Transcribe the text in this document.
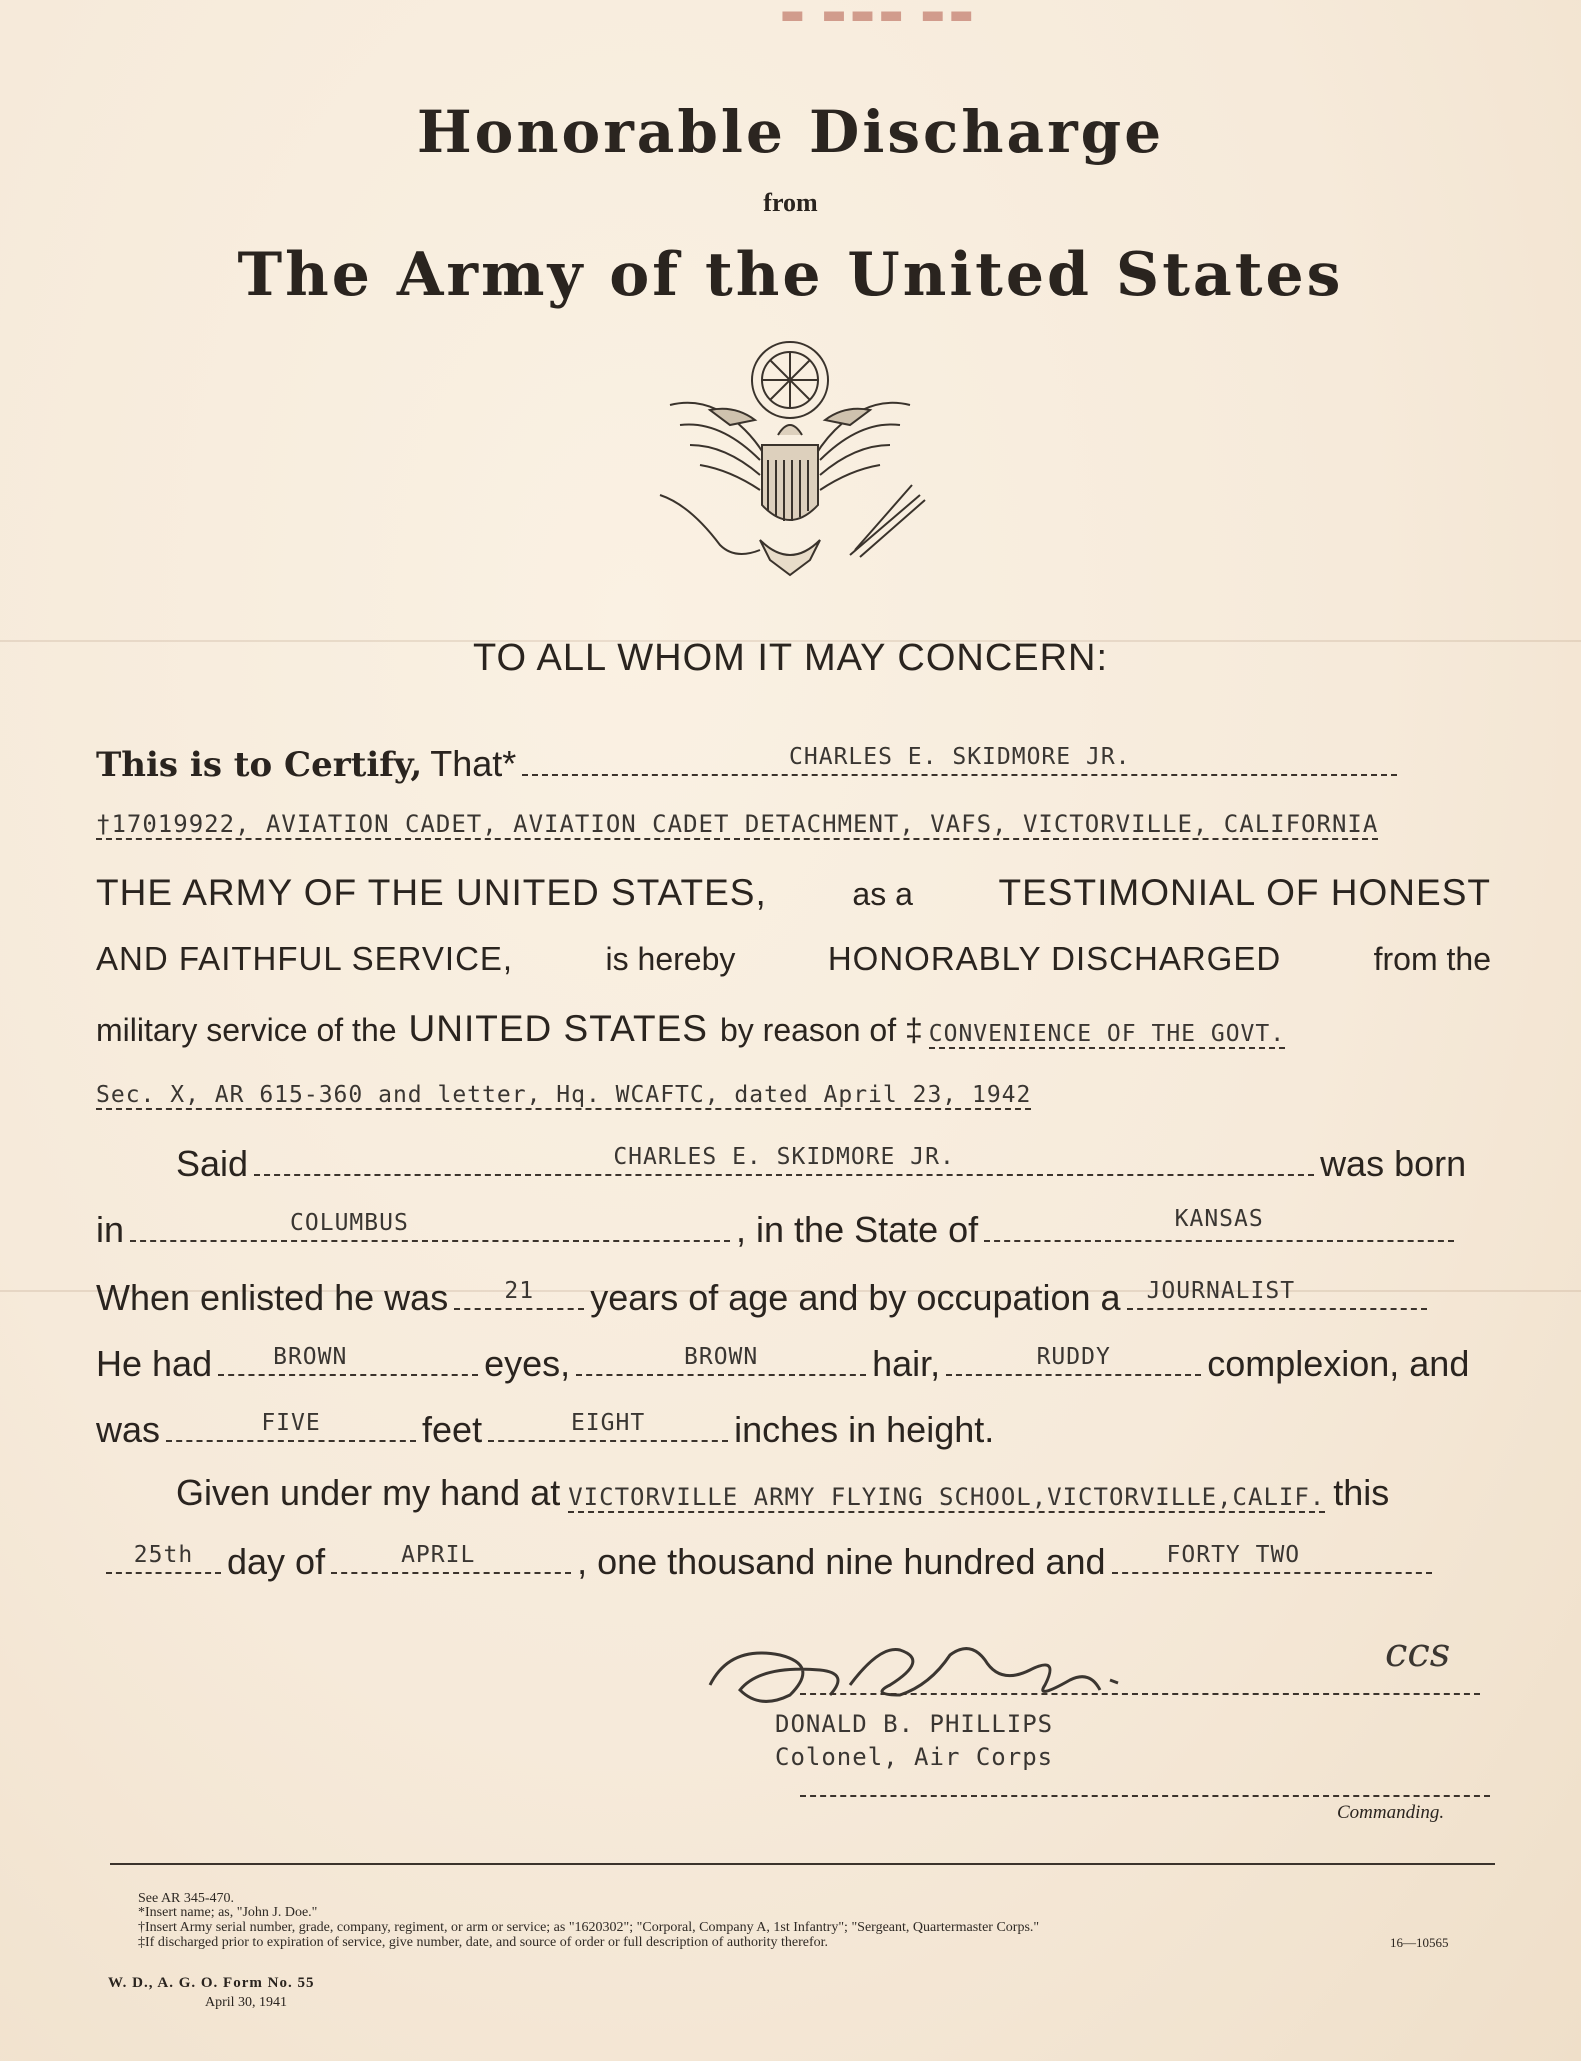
▬ ▬▬▬ ▬▬
Honorable Discharge
from
The Army of the United States
TO ALL WHOM IT MAY CONCERN:
This is to Certify, That*	CHARLES E. SKIDMORE JR.
†17019922, AVIATION CADET, AVIATION CADET DETACHMENT, VAFS, VICTORVILLE, CALIFORNIA
THE ARMY OF THE UNITED STATES,	as a TESTIMONIAL OF HONEST
AND FAITHFUL SERVICE,	is hereby	HONORABLY DISCHARGED	from the
military service of the UNITED STATES by reason of ‡ CONVENIENCE OF THE GOVT.
Sec. X, AR 615-360 and letter, Hq. WCAFTC, dated April 23, 1942
Said	CHARLES E. SKIDMORE JR.	was born
in	COLUMBUS	, in the State of	KANSAS
When enlisted he was	21	years of age and by occupation a JOURNALIST
He had	BROWN	eyes,	BROWN	hair,	RUDDY	complexion, and
was	FIVE	feet	EIGHT	inches in height.
Given under my hand at VICTORVILLE ARMY FLYING SCHOOL,VICTORVILLE,CALIF. this
25th day of	APRIL	, one thousand nine hundred and	FORTY TWO
ccs
DONALD B. PHILLIPS
Colonel, Air Corps
Commanding.
See AR 345-470.
*Insert name; as, "John J. Doe."
†Insert Army serial number, grade, company, regiment, or arm or service; as "1620302"; "Corporal, Company A, 1st Infantry"; "Sergeant, Quartermaster Corps."
‡If discharged prior to expiration of service, give number, date, and source of order or full description of authority therefor.	16—10565
W. D., A. G. O. Form No. 55
April 30, 1941
